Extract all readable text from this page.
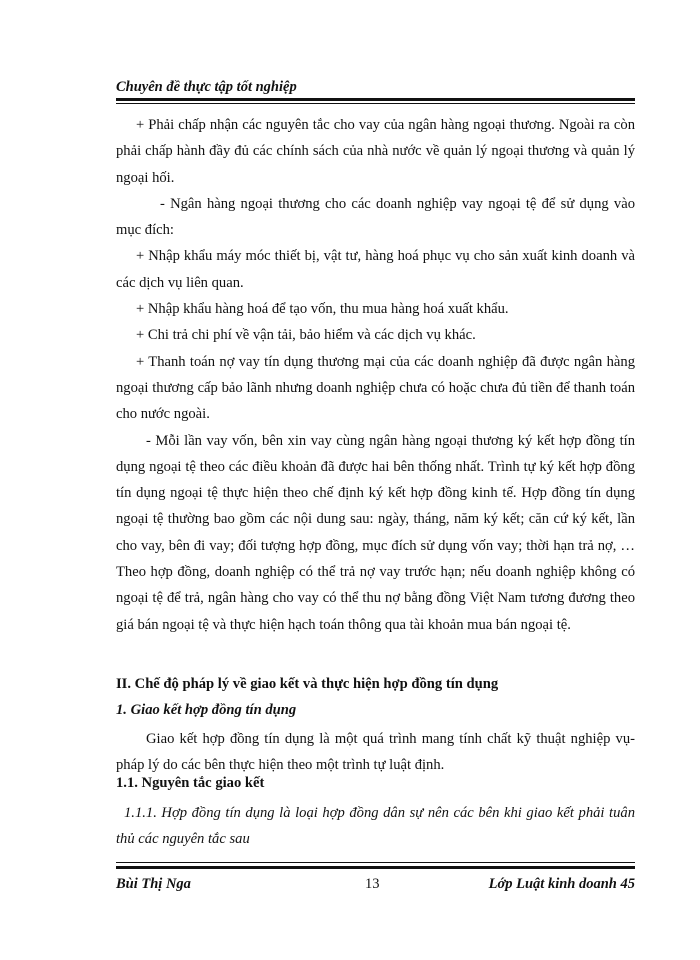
Chuyên đề thực tập tốt nghiệp

+ Phải chấp nhận các nguyên tắc cho vay của ngân hàng ngoại thương. Ngoài ra còn phải chấp hành đầy đủ các chính sách của nhà nước về quản lý ngoại thương và quản lý ngoại hối.

- Ngân hàng ngoại thương cho các doanh nghiệp vay ngoại tệ để sử dụng vào mục đích:

+ Nhập khẩu máy móc thiết bị, vật tư, hàng hoá phục vụ cho sản xuất kinh doanh và các dịch vụ liên quan.

+ Nhập khẩu hàng hoá để tạo vốn, thu mua hàng hoá xuất khẩu.

+ Chi trả chi phí về vận tải, bảo hiểm và các dịch vụ khác.

+ Thanh toán nợ vay tín dụng thương mại của các doanh nghiệp đã được ngân hàng ngoại thương cấp bảo lãnh nhưng doanh nghiệp chưa có hoặc chưa đủ tiền để thanh toán cho nước ngoài.

- Mỗi lần vay vốn, bên xin vay cùng ngân hàng ngoại thương ký kết hợp đồng tín dụng ngoại tệ theo các điều khoản đã được hai bên thống nhất. Trình tự ký kết hợp đồng tín dụng ngoại tệ thực hiện theo chế định ký kết hợp đồng kinh tế. Hợp đồng tín dụng ngoại tệ thường bao gồm các nội dung sau: ngày, tháng, năm ký kết; căn cứ ký kết, lần cho vay, bên đi vay; đối tượng hợp đồng, mục đích sử dụng vốn vay; thời hạn trả nợ, …Theo hợp đồng, doanh nghiệp có thể trả nợ vay trước hạn; nếu doanh nghiệp không có ngoại tệ để trả, ngân hàng cho vay có thể thu nợ bằng đồng Việt Nam tương đương theo giá bán ngoại tệ và thực hiện hạch toán thông qua tài khoản mua bán ngoại tệ.

II. Chế độ pháp lý về giao kết và thực hiện hợp đồng tín dụng
1. Giao kết hợp đồng tín dụng

Giao kết hợp đồng tín dụng là một quá trình mang tính chất kỹ thuật nghiệp vụ- pháp lý do các bên thực hiện theo một trình tự luật định.

1.1. Nguyên tắc giao kết

1.1.1. Hợp đồng tín dụng là loại hợp đồng dân sự nên các bên khi giao kết phải tuân thủ các nguyên tắc sau

Bùi Thị Nga	13	Lớp Luật kinh doanh 45
